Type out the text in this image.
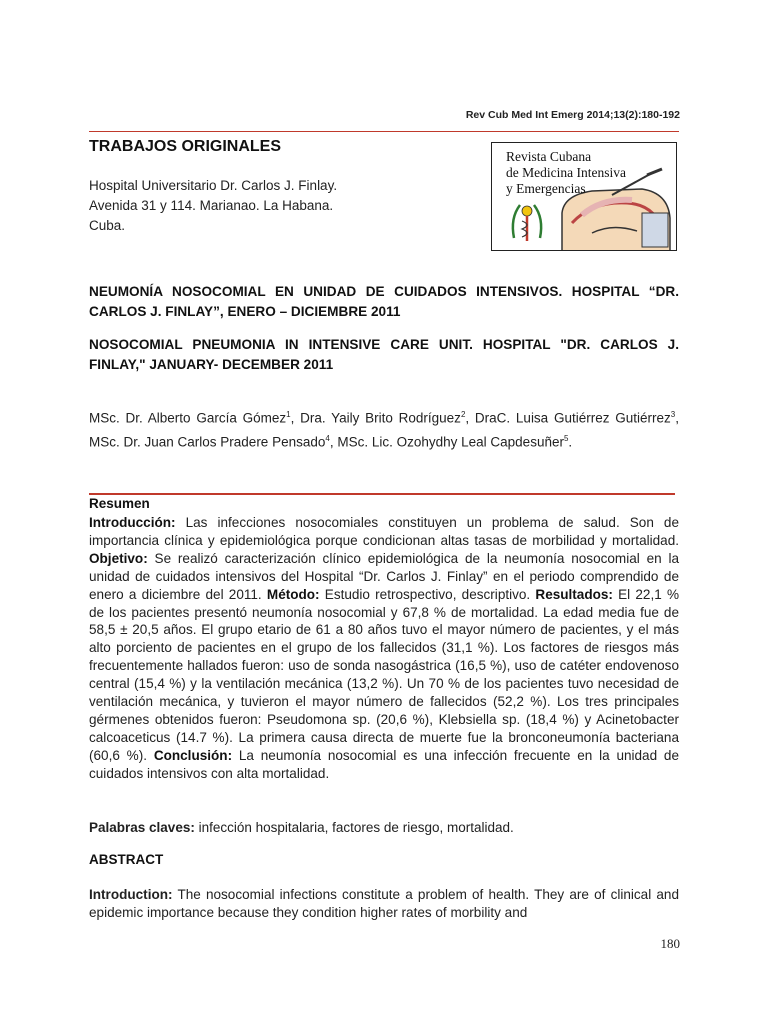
Rev Cub Med Int Emerg 2014;13(2):180-192
TRABAJOS ORIGINALES
Hospital Universitario Dr. Carlos J. Finlay.
Avenida 31 y 114. Marianao. La Habana.
Cuba.
Revista Cubana
de Medicina Intensiva
y Emergencias
NEUMONÍA NOSOCOMIAL EN UNIDAD DE CUIDADOS INTENSIVOS. HOSPITAL “DR. CARLOS J. FINLAY”, ENERO – DICIEMBRE 2011
NOSOCOMIAL PNEUMONIA IN INTENSIVE CARE UNIT. HOSPITAL "DR. CARLOS J. FINLAY," JANUARY- DECEMBER 2011
MSc. Dr. Alberto García Gómez$^1$, Dra. Yaily Brito Rodríguez$^2$, DraC. Luisa Gutiérrez Gutiérrez$^3$, MSc. Dr. Juan Carlos Pradere Pensado$^4$, MSc. Lic. Ozohydhy Leal Capdesuñer$^5$.
Resumen
Introducción: Las infecciones nosocomiales constituyen un problema de salud. Son de importancia clínica y epidemiológica porque condicionan altas tasas de morbilidad y mortalidad. Objetivo: Se realizó caracterización clínico epidemiológica de la neumonía nosocomial en la unidad de cuidados intensivos del Hospital “Dr. Carlos J. Finlay” en el periodo comprendido de enero a diciembre del 2011. Método: Estudio retrospectivo, descriptivo. Resultados: El 22,1 % de los pacientes presentó neumonía nosocomial y 67,8 % de mortalidad. La edad media fue de 58,5 ± 20,5 años. El grupo etario de 61 a 80 años tuvo el mayor número de pacientes, y el más alto porciento de pacientes en el grupo de los fallecidos (31,1 %). Los factores de riesgos más frecuentemente hallados fueron: uso de sonda nasogástrica (16,5 %), uso de catéter endovenoso central (15,4 %) y la ventilación mecánica (13,2 %). Un 70 % de los pacientes tuvo necesidad de ventilación mecánica, y tuvieron el mayor número de fallecidos (52,2 %). Los tres principales gérmenes obtenidos fueron: Pseudomona sp. (20,6 %), Klebsiella sp. (18,4 %) y Acinetobacter calcoaceticus (14.7 %). La primera causa directa de muerte fue la bronconeumonía bacteriana (60,6 %). Conclusión: La neumonía nosocomial es una infección frecuente en la unidad de cuidados intensivos con alta mortalidad.
Palabras claves: infección hospitalaria, factores de riesgo, mortalidad.
ABSTRACT
Introduction: The nosocomial infections constitute a problem of health. They are of clinical and epidemic importance because they condition higher rates of morbility and
180
